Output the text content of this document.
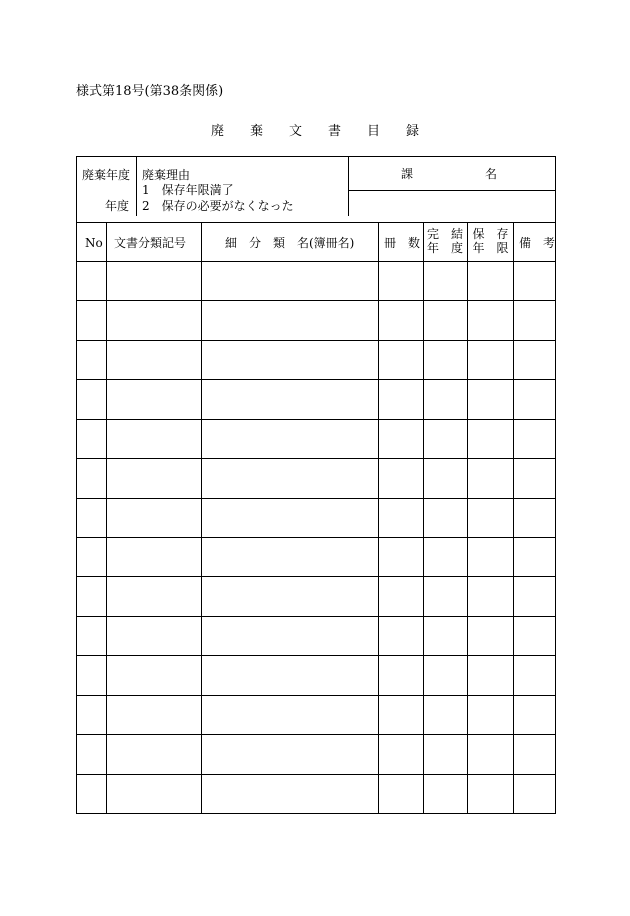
様式第18号(第38条関係)
廃棄文書目録
廃棄年度
年度
廃棄理由
1　保存年限満了
2　保存の必要がなくなった
課　　　　　　名
No 文書分類記号	細　分　類　名(簿冊名) 冊　数
完　結
年　度
保　存
年　限 備　考
